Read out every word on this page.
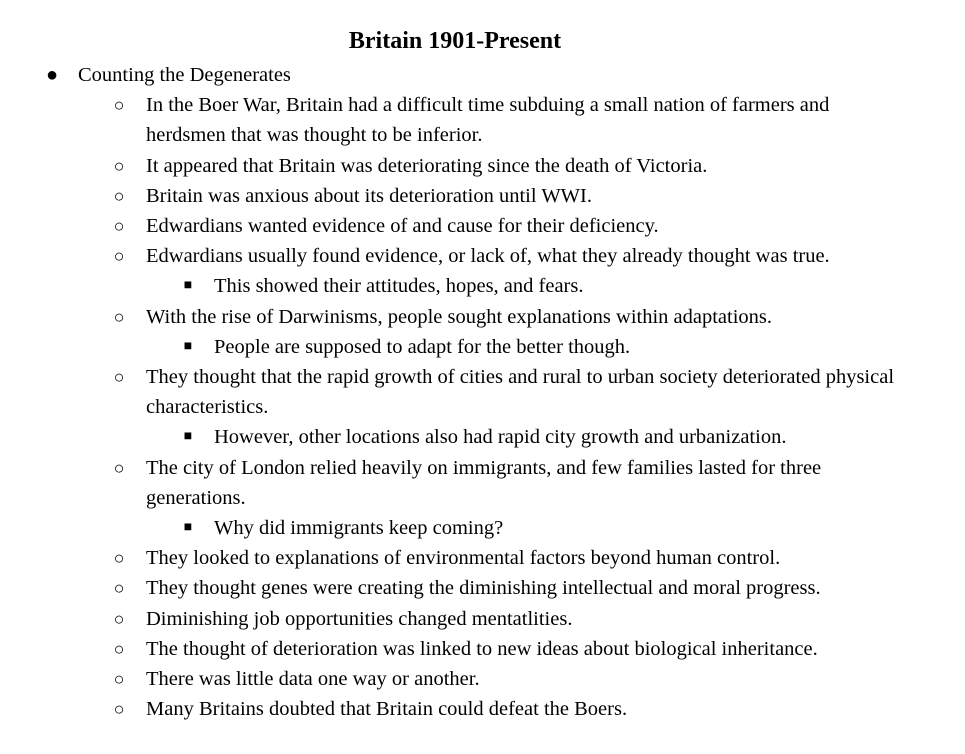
Britain 1901-Present
● Counting the Degenerates
○ In the Boer War, Britain had a difficult time subduing a small nation of farmers and herdsmen that was thought to be inferior.
○ It appeared that Britain was deteriorating since the death of Victoria.
○ Britain was anxious about its deterioration until WWI.
○ Edwardians wanted evidence of and cause for their deficiency.
○ Edwardians usually found evidence, or lack of, what they already thought was true.
■ This showed their attitudes, hopes, and fears.
○ With the rise of Darwinisms, people sought explanations within adaptations.
■ People are supposed to adapt for the better though.
○ They thought that the rapid growth of cities and rural to urban society deteriorated physical characteristics.
■ However, other locations also had rapid city growth and urbanization.
○ The city of London relied heavily on immigrants, and few families lasted for three generations.
■ Why did immigrants keep coming?
○ They looked to explanations of environmental factors beyond human control.
○ They thought genes were creating the diminishing intellectual and moral progress.
○ Diminishing job opportunities changed mentatlities.
○ The thought of deterioration was linked to new ideas about biological inheritance.
○ There was little data one way or another.
○ Many Britains doubted that Britain could defeat the Boers.
